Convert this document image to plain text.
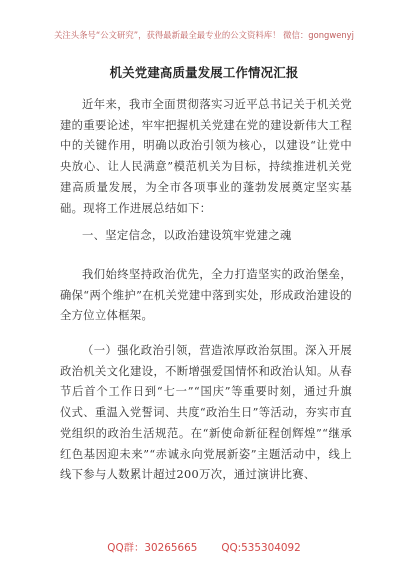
关注头条号“公文研究”，获得最新最全最专业的公文资料库！ 微信：gongwenyj
机关党建高质量发展工作情况汇报
近年来，我市全面贯彻落实习近平总书记关于机关党建的重要论述，牢牢把握机关党建在党的建设新伟大工程中的关键作用，明确以政治引领为核心，以建设“让党中央放心、让人民满意”模范机关为目标，持续推进机关党建高质量发展，为全市各项事业的蓬勃发展奠定坚实基础。现将工作进展总结如下：
一、坚定信念，以政治建设筑牢党建之魂
我们始终坚持政治优先，全力打造坚实的政治堡垒，确保“两个维护”在机关党建中落到实处，形成政治建设的全方位立体框架。
（一）强化政治引领，营造浓厚政治氛围。深入开展政治机关文化建设，不断增强爱国情怀和政治认知。从春节后首个工作日到“七一”“国庆”等重要时刻，通过升旗仪式、重温入党誓词、共度“政治生日”等活动，夯实市直党组织的政治生活规范。在“新使命新征程创辉煌”“继承红色基因迎未来”“赤诚永向党展新姿”主题活动中，线上线下参与人数累计超过200万次，通过演讲比赛、
QQ群：30265665 QQ:535304092
